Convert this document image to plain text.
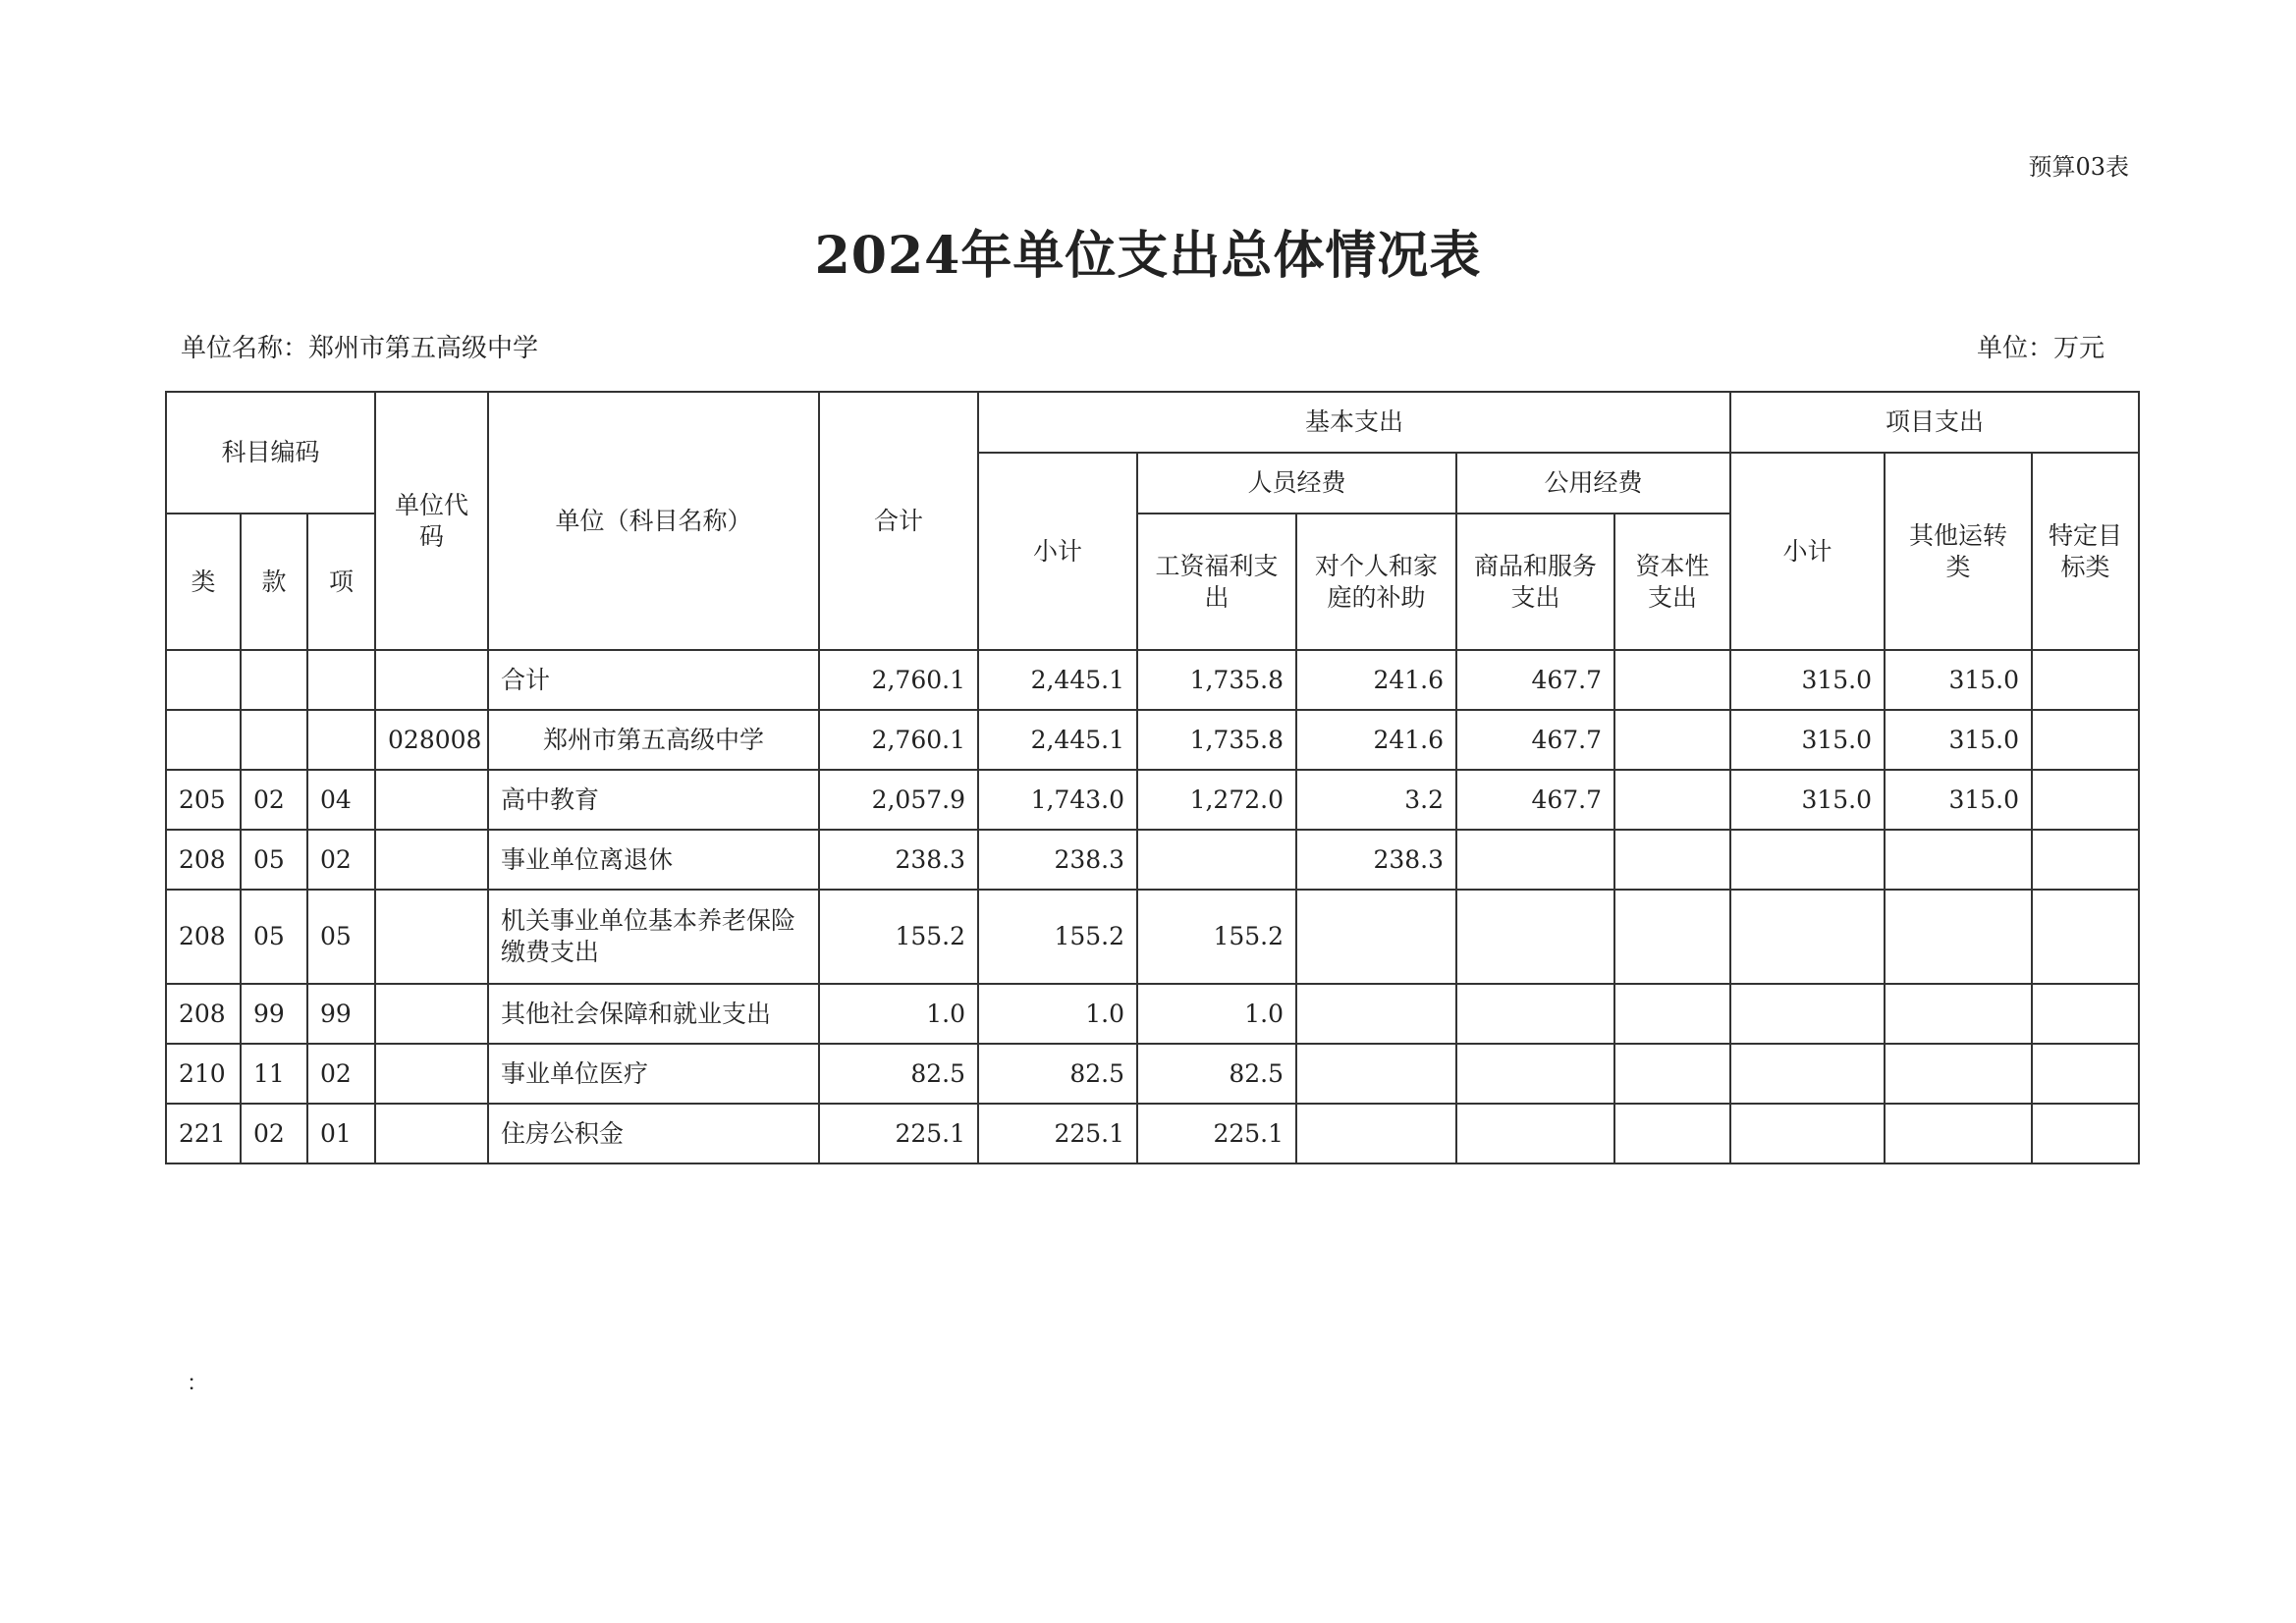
预算03表
2024年单位支出总体情况表
单位名称：郑州市第五高级中学	单位：万元
科目编码			单位代码	单位（科目名称）	合计	基本支出					项目支出		
						小计	人员经费		公用经费		小计	其他运转类	特定目标类
类	款	项					工资福利支出	对个人和家庭的补助	商品和服务支出	资本性支出			
				合计	2,760.1	2,445.1	1,735.8	241.6	467.7		315.0	315.0	
			028008	郑州市第五高级中学	2,760.1	2,445.1	1,735.8	241.6	467.7		315.0	315.0	
205	02	04		高中教育	2,057.9	1,743.0	1,272.0	3.2	467.7		315.0	315.0	
208	05	02		事业单位离退休	238.3	238.3		238.3					
208	05	05		机关事业单位基本养老保险缴费支出	155.2	155.2	155.2						
208	99	99		其他社会保障和就业支出	1.0	1.0	1.0						
210	11	02		事业单位医疗	82.5	82.5	82.5						
221	02	01		住房公积金	225.1	225.1	225.1						
：
